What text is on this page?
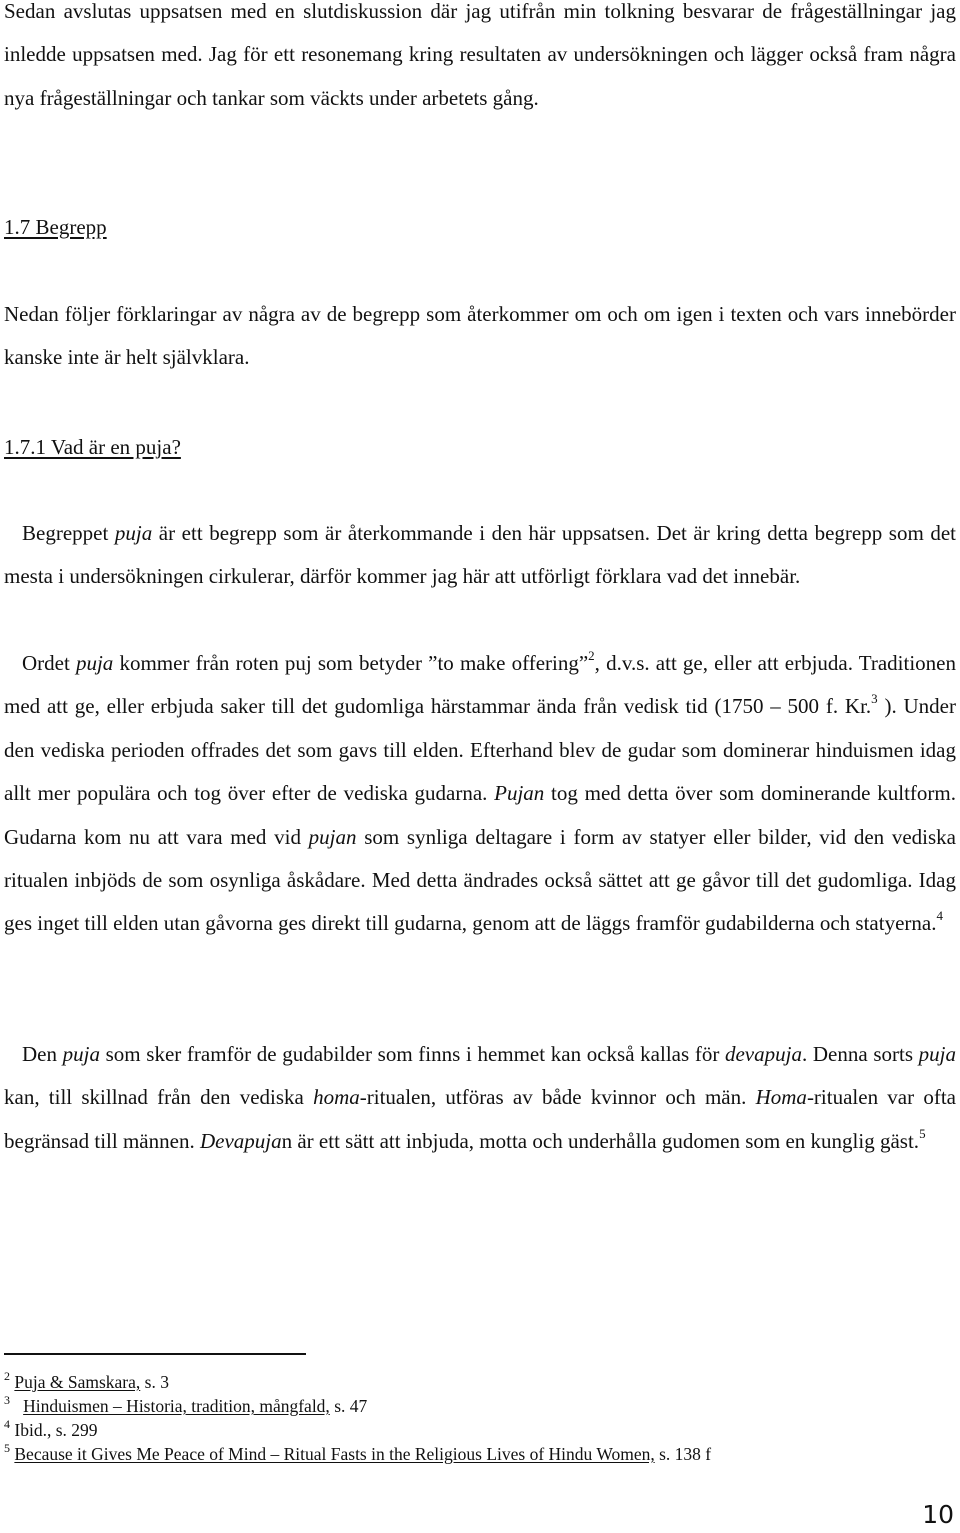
Sedan avslutas uppsatsen med en slutdiskussion där jag utifrån min tolkning besvarar de frågeställningar jag inledde uppsatsen med. Jag för ett resonemang kring resultaten av undersökningen och lägger också fram några nya frågeställningar och tankar som väckts under arbetets gång.

1.7 Begrepp

Nedan följer förklaringar av några av de begrepp som återkommer om och om igen i texten och vars innebörder kanske inte är helt självklara.

1.7.1 Vad är en puja?

Begreppet puja är ett begrepp som är återkommande i den här uppsatsen. Det är kring detta begrepp som det mesta i undersökningen cirkulerar, därför kommer jag här att utförligt förklara vad det innebär.

Ordet puja kommer från roten puj som betyder ”to make offering”$^2$, d.v.s. att ge, eller att erbjuda. Traditionen med att ge, eller erbjuda saker till det gudomliga härstammar ända från vedisk tid (1750 – 500 f. Kr.$^3$ ). Under den vediska perioden offrades det som gavs till elden. Efterhand blev de gudar som dominerar hinduismen idag allt mer populära och tog över efter de vediska gudarna. Pujan tog med detta över som dominerande kultform. Gudarna kom nu att vara med vid pujan som synliga deltagare i form av statyer eller bilder, vid den vediska ritualen inbjöds de som osynliga åskådare. Med detta ändrades också sättet att ge gåvor till det gudomliga. Idag ges inget till elden utan gåvorna ges direkt till gudarna, genom att de läggs framför gudabilderna och statyerna.$^4$

Den puja som sker framför de gudabilder som finns i hemmet kan också kallas för devapuja. Denna sorts puja kan, till skillnad från den vediska homa-ritualen, utföras av både kvinnor och män. Homa-ritualen var ofta begränsad till männen. Devapujan är ett sätt att inbjuda, motta och underhålla gudomen som en kunglig gäst.$^5$

$^2$ Puja & Samskara, s. 3

$^3$ Hinduismen – Historia, tradition, mångfald, s. 47

$^4$ Ibid., s. 299

$^5$ Because it Gives Me Peace of Mind – Ritual Fasts in the Religious Lives of Hindu Women, s. 138 f

10
